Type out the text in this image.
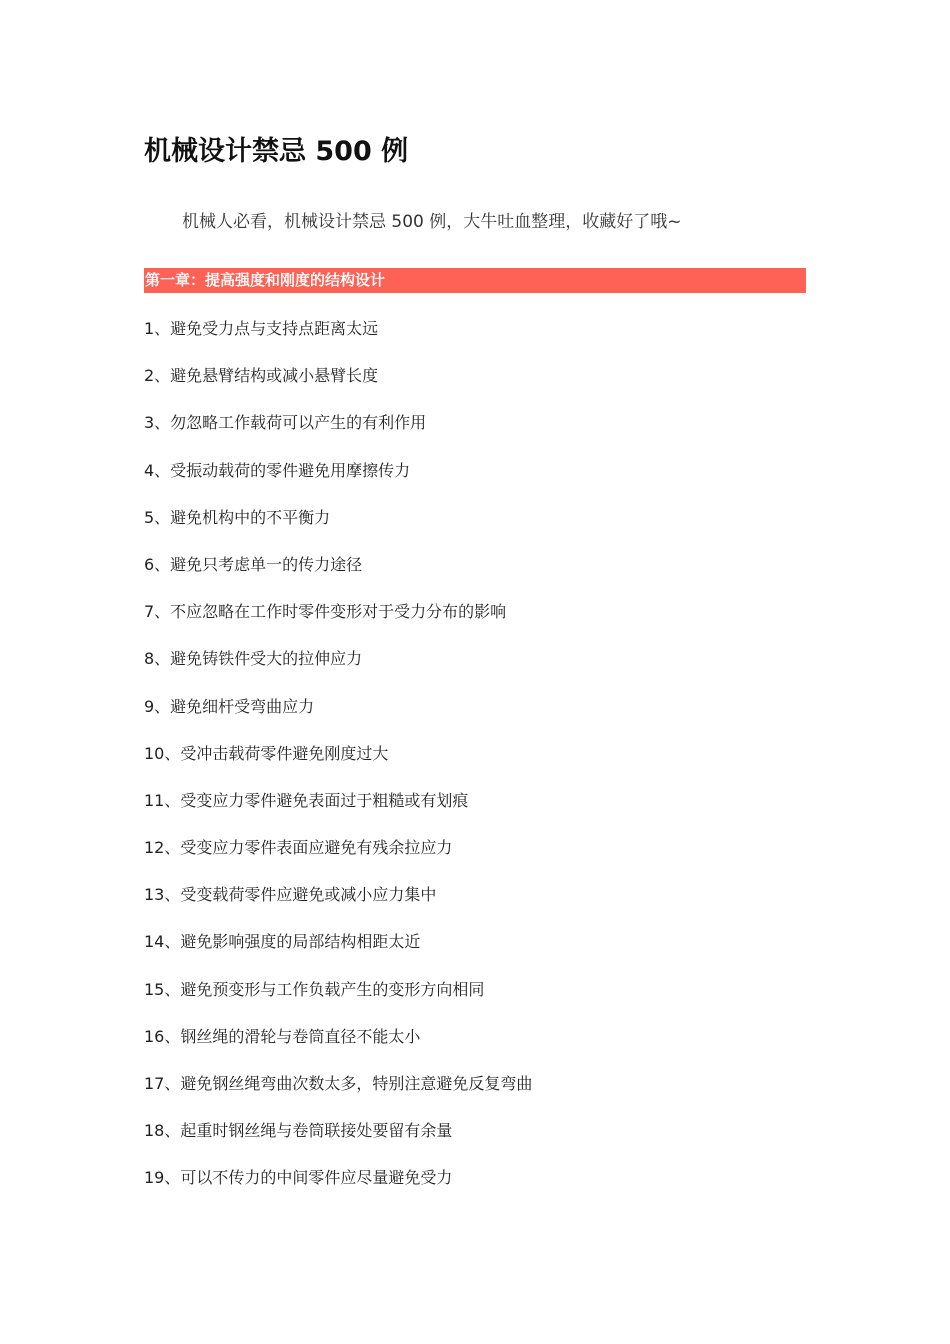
机械设计禁忌 500 例

机械人必看，机械设计禁忌 500 例，大牛吐血整理，收藏好了哦~

第一章：提高强度和刚度的结构设计
1、避免受力点与支持点距离太远
2、避免悬臂结构或减小悬臂长度
3、勿忽略工作载荷可以产生的有利作用
4、受振动载荷的零件避免用摩擦传力
5、避免机构中的不平衡力
6、避免只考虑单一的传力途径
7、不应忽略在工作时零件变形对于受力分布的影响
8、避免铸铁件受大的拉伸应力
9、避免细杆受弯曲应力
10、受冲击载荷零件避免刚度过大
11、受变应力零件避免表面过于粗糙或有划痕
12、受变应力零件表面应避免有残余拉应力
13、受变载荷零件应避免或减小应力集中
14、避免影响强度的局部结构相距太近
15、避免预变形与工作负载产生的变形方向相同
16、钢丝绳的滑轮与卷筒直径不能太小
17、避免钢丝绳弯曲次数太多，特别注意避免反复弯曲
18、起重时钢丝绳与卷筒联接处要留有余量
19、可以不传力的中间零件应尽量避免受力
